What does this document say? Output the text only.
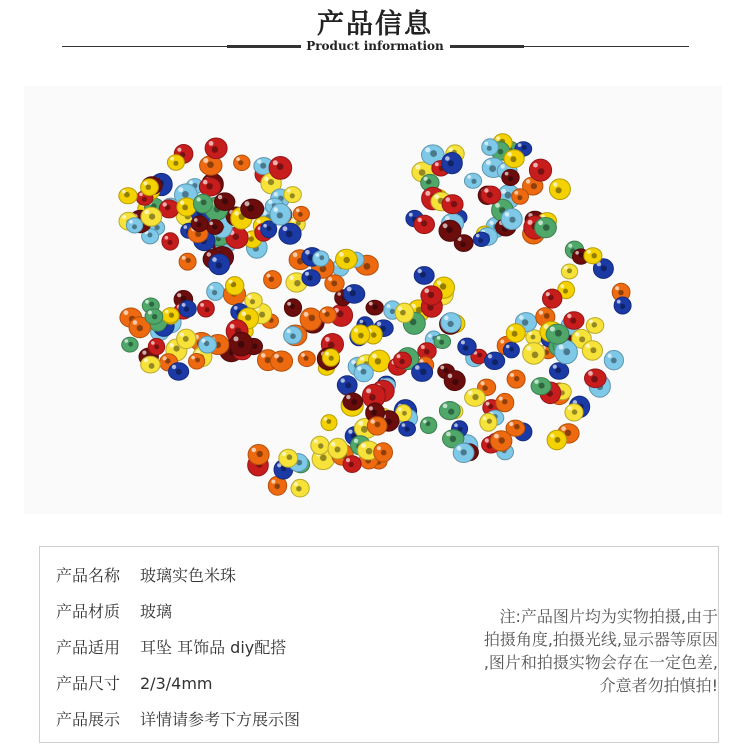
产品信息
Product information
产品名称 玻璃实色米珠
产品材质 玻璃
产品适用 耳坠 耳饰品 diy配搭
产品尺寸 2/3/4mm
产品展示 详情请参考下方展示图
注:产品图片均为实物拍摄,由于
拍摄角度,拍摄光线,显示器等原因
,图片和拍摄实物会存在一定色差,
介意者勿拍慎拍!
